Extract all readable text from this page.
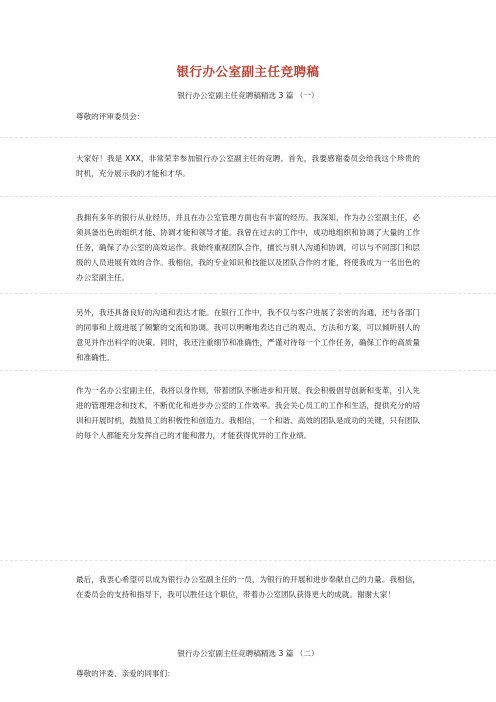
银行办公室副主任竞聘稿
银行办公室副主任竞聘稿精选 3 篇 （一）
尊敬的评审委员会：
大家好！我是 XXX，非常荣幸参加银行办公室副主任的竞聘。首先，我要感谢委员会给我这个珍贵的时机，充分展示我的才能和才华。
我拥有多年的银行从业经历，并且在办公室管理方面也有丰富的经历。我深知，作为办公室副主任，必须具备出色的组织才能、协调才能和领导才能。我曾在过去的工作中，成功地组织和协调了大量的工作任务，确保了办公室的高效运作。我始终重视团队合作，擅长与别人沟通和协调，可以与不同部门和层级的人员进展有效的合作。我相信，我的专业知识和技能以及团队合作的才能，将使我成为一名出色的办公室副主任。
另外，我还具备良好的沟通和表达才能。在银行工作中，我不仅与客户进展了亲密的沟通，还与各部门的同事和上级进展了频繁的交流和协调。我可以明晰地表达自己的观点、方法和方案，可以倾听别人的意见并作出科学的决策。同时，我还注重细节和准确性，严谨对待每一个工作任务，确保工作的高质量和准确性。
作为一名办公室副主任，我将以身作则，带着团队不断进步和开展。我会积极倡导创新和变革，引入先进的管理理念和技术，不断优化和进步办公室的工作效率。我会关心员工的工作和生活，提供充分的培训和开展时机，鼓励员工的积极性和创造力。我相信，一个和谐、高效的团队是成功的关键，只有团队的每个人都能充分发挥自己的才能和潜力，才能获得优异的工作业绩。
最后，我衷心希望可以成为银行办公室副主任的一员，为银行的开展和进步奉献自己的力量。我相信，在委员会的支持和指导下，我可以胜任这个职位，带着办公室团队获得更大的成就。谢谢大家！
银行办公室副主任竞聘稿精选 3 篇 （二）
尊敬的评委、亲爱的同事们：
